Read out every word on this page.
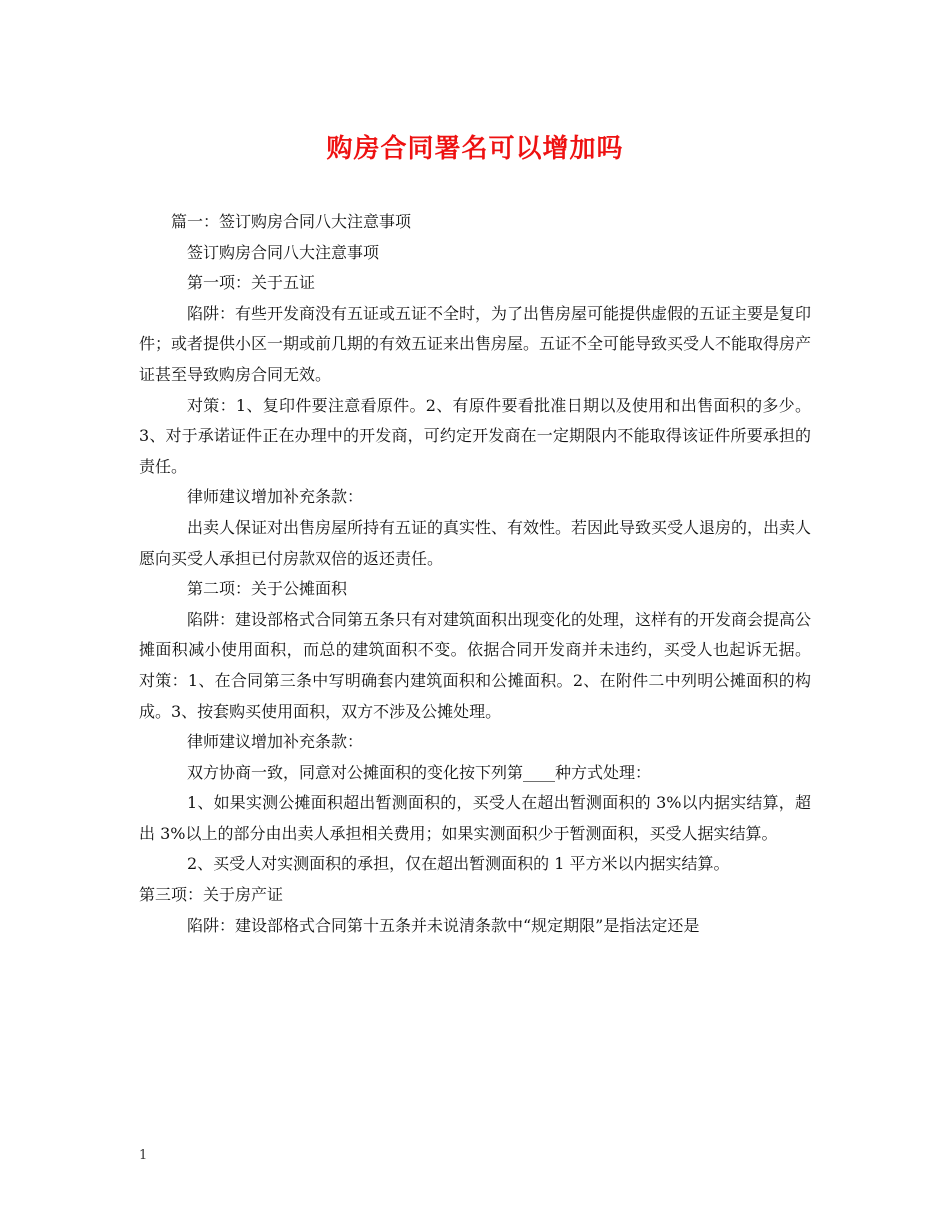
购房合同署名可以增加吗

篇一：签订购房合同八大注意事项

签订购房合同八大注意事项

第一项：关于五证

陷阱：有些开发商没有五证或五证不全时，为了出售房屋可能提供虚假的五证主要是复印件；或者提供小区一期或前几期的有效五证来出售房屋。五证不全可能导致买受人不能取得房产证甚至导致购房合同无效。

对策：1、复印件要注意看原件。2、有原件要看批准日期以及使用和出售面积的多少。3、对于承诺证件正在办理中的开发商，可约定开发商在一定期限内不能取得该证件所要承担的责任。

律师建议增加补充条款：

出卖人保证对出售房屋所持有五证的真实性、有效性。若因此导致买受人退房的，出卖人愿向买受人承担已付房款双倍的返还责任。

第二项：关于公摊面积

陷阱：建设部格式合同第五条只有对建筑面积出现变化的处理，这样有的开发商会提高公摊面积减小使用面积，而总的建筑面积不变。依据合同开发商并未违约，买受人也起诉无据。 对策：1、在合同第三条中写明确套内建筑面积和公摊面积。2、在附件二中列明公摊面积的构成。3、按套购买使用面积，双方不涉及公摊处理。

律师建议增加补充条款：

双方协商一致，同意对公摊面积的变化按下列第____种方式处理：

1、如果实测公摊面积超出暂测面积的，买受人在超出暂测面积的 3%以内据实结算，超出 3%以上的部分由出卖人承担相关费用；如果实测面积少于暂测面积，买受人据实结算。

2、买受人对实测面积的承担，仅在超出暂测面积的 1 平方米以内据实结算。

第三项：关于房产证

陷阱：建设部格式合同第十五条并未说清条款中“规定期限”是指法定还是

1
